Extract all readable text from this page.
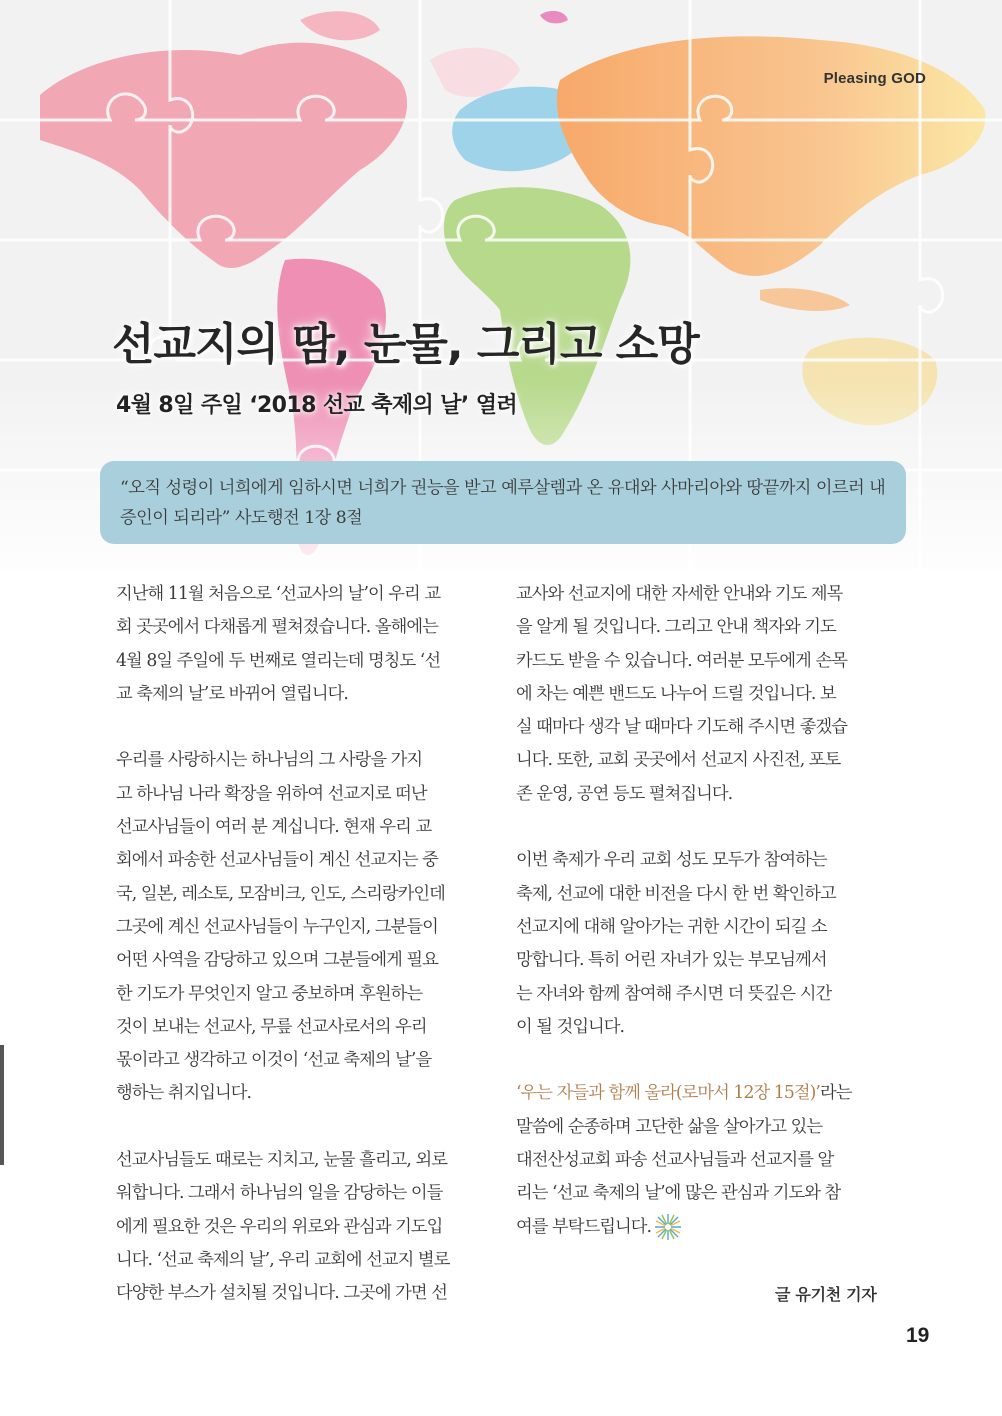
Pleasing GOD
선교지의 땀, 눈물, 그리고 소망
4월 8일 주일 ‘2018 선교 축제의 날’ 열려
“오직 성령이 너희에게 임하시면 너희가 권능을 받고 예루살렘과 온 유대와 사마리아와 땅끝까지 이르러 내 증인이 되리라” 사도행전 1장 8절

지난해 11월 처음으로 ‘선교사의 날’이 우리 교

회 곳곳에서 다채롭게 펼쳐졌습니다. 올해에는

4월 8일 주일에 두 번째로 열리는데 명칭도 ‘선

교 축제의 날’로 바뀌어 열립니다.

우리를 사랑하시는 하나님의 그 사랑을 가지

고 하나님 나라 확장을 위하여 선교지로 떠난

선교사님들이 여러 분 계십니다. 현재 우리 교

회에서 파송한 선교사님들이 계신 선교지는 중

국, 일본, 레소토, 모잠비크, 인도, 스리랑카인데

그곳에 계신 선교사님들이 누구인지, 그분들이

어떤 사역을 감당하고 있으며 그분들에게 필요

한 기도가 무엇인지 알고 중보하며 후원하는

것이 보내는 선교사, 무릎 선교사로서의 우리

몫이라고 생각하고 이것이 ‘선교 축제의 날’을

행하는 취지입니다.

선교사님들도 때로는 지치고, 눈물 흘리고, 외로

워합니다. 그래서 하나님의 일을 감당하는 이들

에게 필요한 것은 우리의 위로와 관심과 기도입

니다. ‘선교 축제의 날’, 우리 교회에 선교지 별로

다양한 부스가 설치될 것입니다. 그곳에 가면 선

교사와 선교지에 대한 자세한 안내와 기도 제목

을 알게 될 것입니다. 그리고 안내 책자와 기도

카드도 받을 수 있습니다. 여러분 모두에게 손목

에 차는 예쁜 밴드도 나누어 드릴 것입니다. 보

실 때마다 생각 날 때마다 기도해 주시면 좋겠습

니다. 또한, 교회 곳곳에서 선교지 사진전, 포토

존 운영, 공연 등도 펼쳐집니다.

이번 축제가 우리 교회 성도 모두가 참여하는

축제, 선교에 대한 비전을 다시 한 번 확인하고

선교지에 대해 알아가는 귀한 시간이 되길 소

망합니다. 특히 어린 자녀가 있는 부모님께서

는 자녀와 함께 참여해 주시면 더 뜻깊은 시간

이 될 것입니다.

‘우는 자들과 함께 울라(로마서 12장 15절)’라는

말씀에 순종하며 고단한 삶을 살아가고 있는

대전산성교회 파송 선교사님들과 선교지를 알

리는 ‘선교 축제의 날’에 많은 관심과 기도와 참

여를 부탁드립니다.

글 유기천 기자
19
